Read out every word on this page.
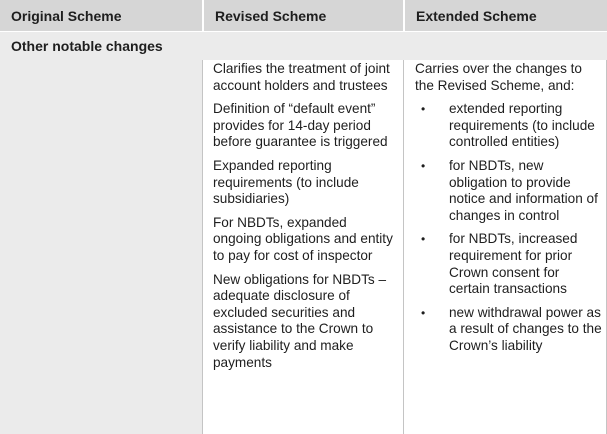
Original Scheme	Revised Scheme	Extended Scheme
Other notable changes

Clarifies the treatment of joint account holders and trustees

Definition of “default event” provides for 14-day period before guarantee is triggered

Expanded reporting requirements (to include subsidiaries)

For NBDTs, expanded ongoing obligations and entity to pay for cost of inspector

New obligations for NBDTs – adequate disclosure of excluded securities and assistance to the Crown to verify liability and make payments

Carries over the changes to the Revised Scheme, and:

• extended reporting requirements (to include controlled entities)
• for NBDTs, new obligation to provide notice and information of changes in control
• for NBDTs, increased requirement for prior Crown consent for certain transactions
• new withdrawal power as a result of changes to the Crown’s liability
